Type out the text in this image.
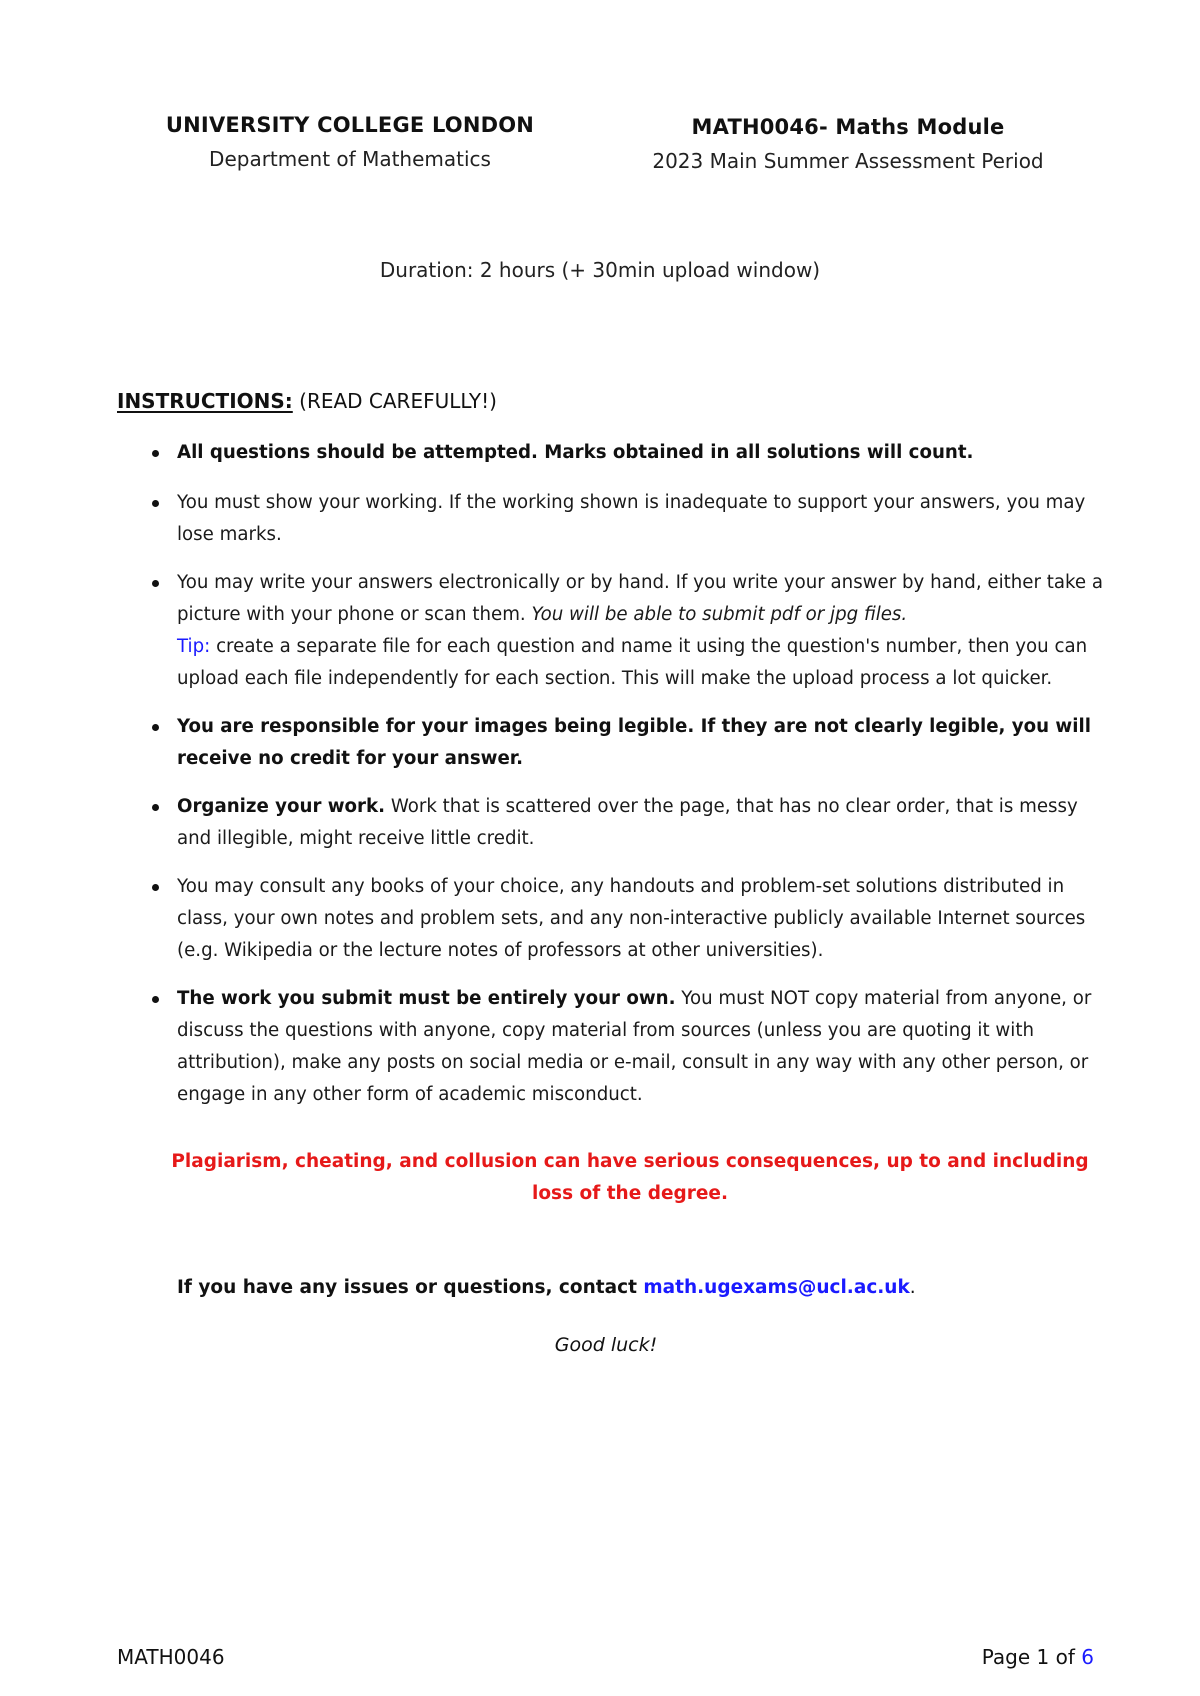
UNIVERSITY COLLEGE LONDON
Department of Mathematics
MATH0046- Maths Module
2023 Main Summer Assessment Period
Duration: 2 hours (+ 30min upload window)
INSTRUCTIONS: (READ CAREFULLY!)
All questions should be attempted. Marks obtained in all solutions will count.
You must show your working. If the working shown is inadequate to support your answers, you may lose marks.
You may write your answers electronically or by hand. If you write your answer by hand, either take a picture with your phone or scan them. You will be able to submit pdf or jpg files.
Tip: create a separate file for each question and name it using the question's number, then you can upload each file independently for each section. This will make the upload process a lot quicker.
You are responsible for your images being legible. If they are not clearly legible, you will receive no credit for your answer.
Organize your work. Work that is scattered over the page, that has no clear order, that is messy and illegible, might receive little credit.
You may consult any books of your choice, any handouts and problem-set solutions distributed in class, your own notes and problem sets, and any non-interactive publicly available Internet sources (e.g. Wikipedia or the lecture notes of professors at other universities).
The work you submit must be entirely your own. You must NOT copy material from anyone, or discuss the questions with anyone, copy material from sources (unless you are quoting it with attribution), make any posts on social media or e-mail, consult in any way with any other person, or engage in any other form of academic misconduct.
Plagiarism, cheating, and collusion can have serious consequences, up to and including loss of the degree.
If you have any issues or questions, contact math.ugexams@ucl.ac.uk.
Good luck!
MATH0046	Page 1 of 6
